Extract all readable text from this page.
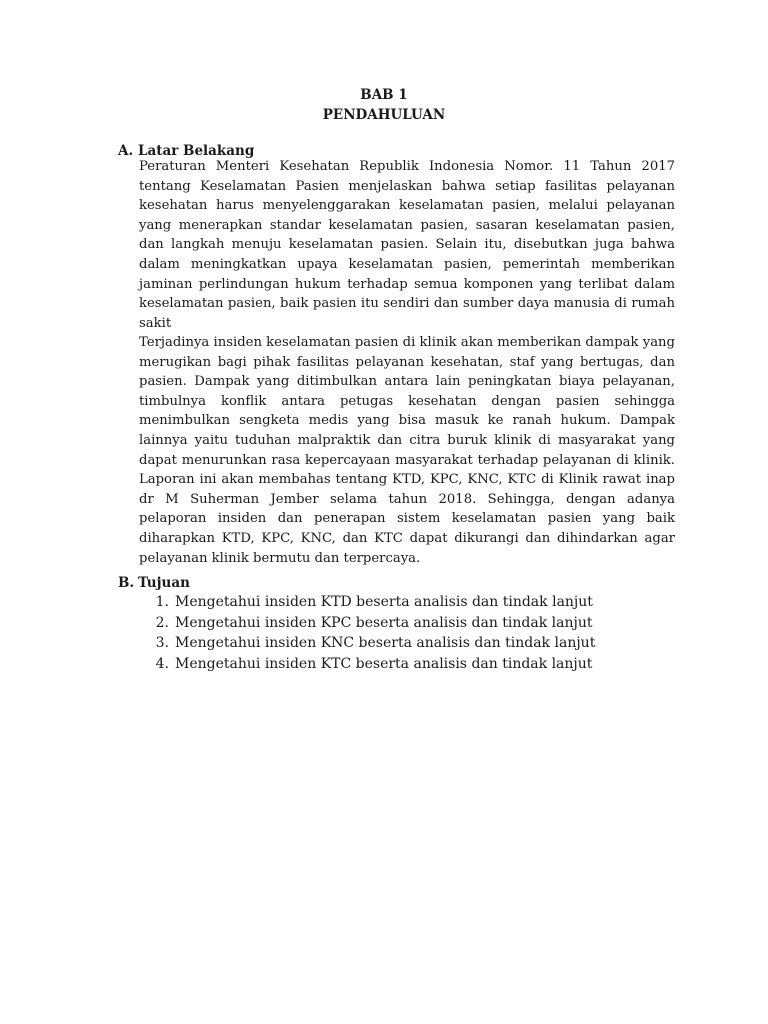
BAB 1
PENDAHULUAN
A. Latar Belakang
Peraturan Menteri Kesehatan Republik Indonesia Nomor. 11 Tahun 2017 tentang Keselamatan Pasien menjelaskan bahwa setiap fasilitas pelayanan kesehatan harus menyelenggarakan keselamatan pasien, melalui pelayanan yang menerapkan standar keselamatan pasien, sasaran keselamatan pasien, dan langkah menuju keselamatan pasien. Selain itu, disebutkan juga bahwa dalam meningkatkan upaya keselamatan pasien, pemerintah memberikan jaminan perlindungan hukum terhadap semua komponen yang terlibat dalam keselamatan pasien, baik pasien itu sendiri dan sumber daya manusia di rumah sakit
Terjadinya insiden keselamatan pasien di klinik akan memberikan dampak yang merugikan bagi pihak fasilitas pelayanan kesehatan, staf yang bertugas, dan pasien. Dampak yang ditimbulkan antara lain peningkatan biaya pelayanan, timbulnya konflik antara petugas kesehatan dengan pasien sehingga menimbulkan sengketa medis yang bisa masuk ke ranah hukum. Dampak lainnya yaitu tuduhan malpraktik dan citra buruk klinik di masyarakat yang dapat menurunkan rasa kepercayaan masyarakat terhadap pelayanan di klinik. Laporan ini akan membahas tentang KTD, KPC, KNC, KTC di Klinik rawat inap dr M Suherman Jember selama tahun 2018. Sehingga, dengan adanya pelaporan insiden dan penerapan sistem keselamatan pasien yang baik diharapkan KTD, KPC, KNC, dan KTC dapat dikurangi dan dihindarkan agar pelayanan klinik bermutu dan terpercaya.
B. Tujuan
1. Mengetahui insiden KTD beserta analisis dan tindak lanjut
2. Mengetahui insiden KPC beserta analisis dan tindak lanjut
3. Mengetahui insiden KNC beserta analisis dan tindak lanjut
4. Mengetahui insiden KTC beserta analisis dan tindak lanjut
